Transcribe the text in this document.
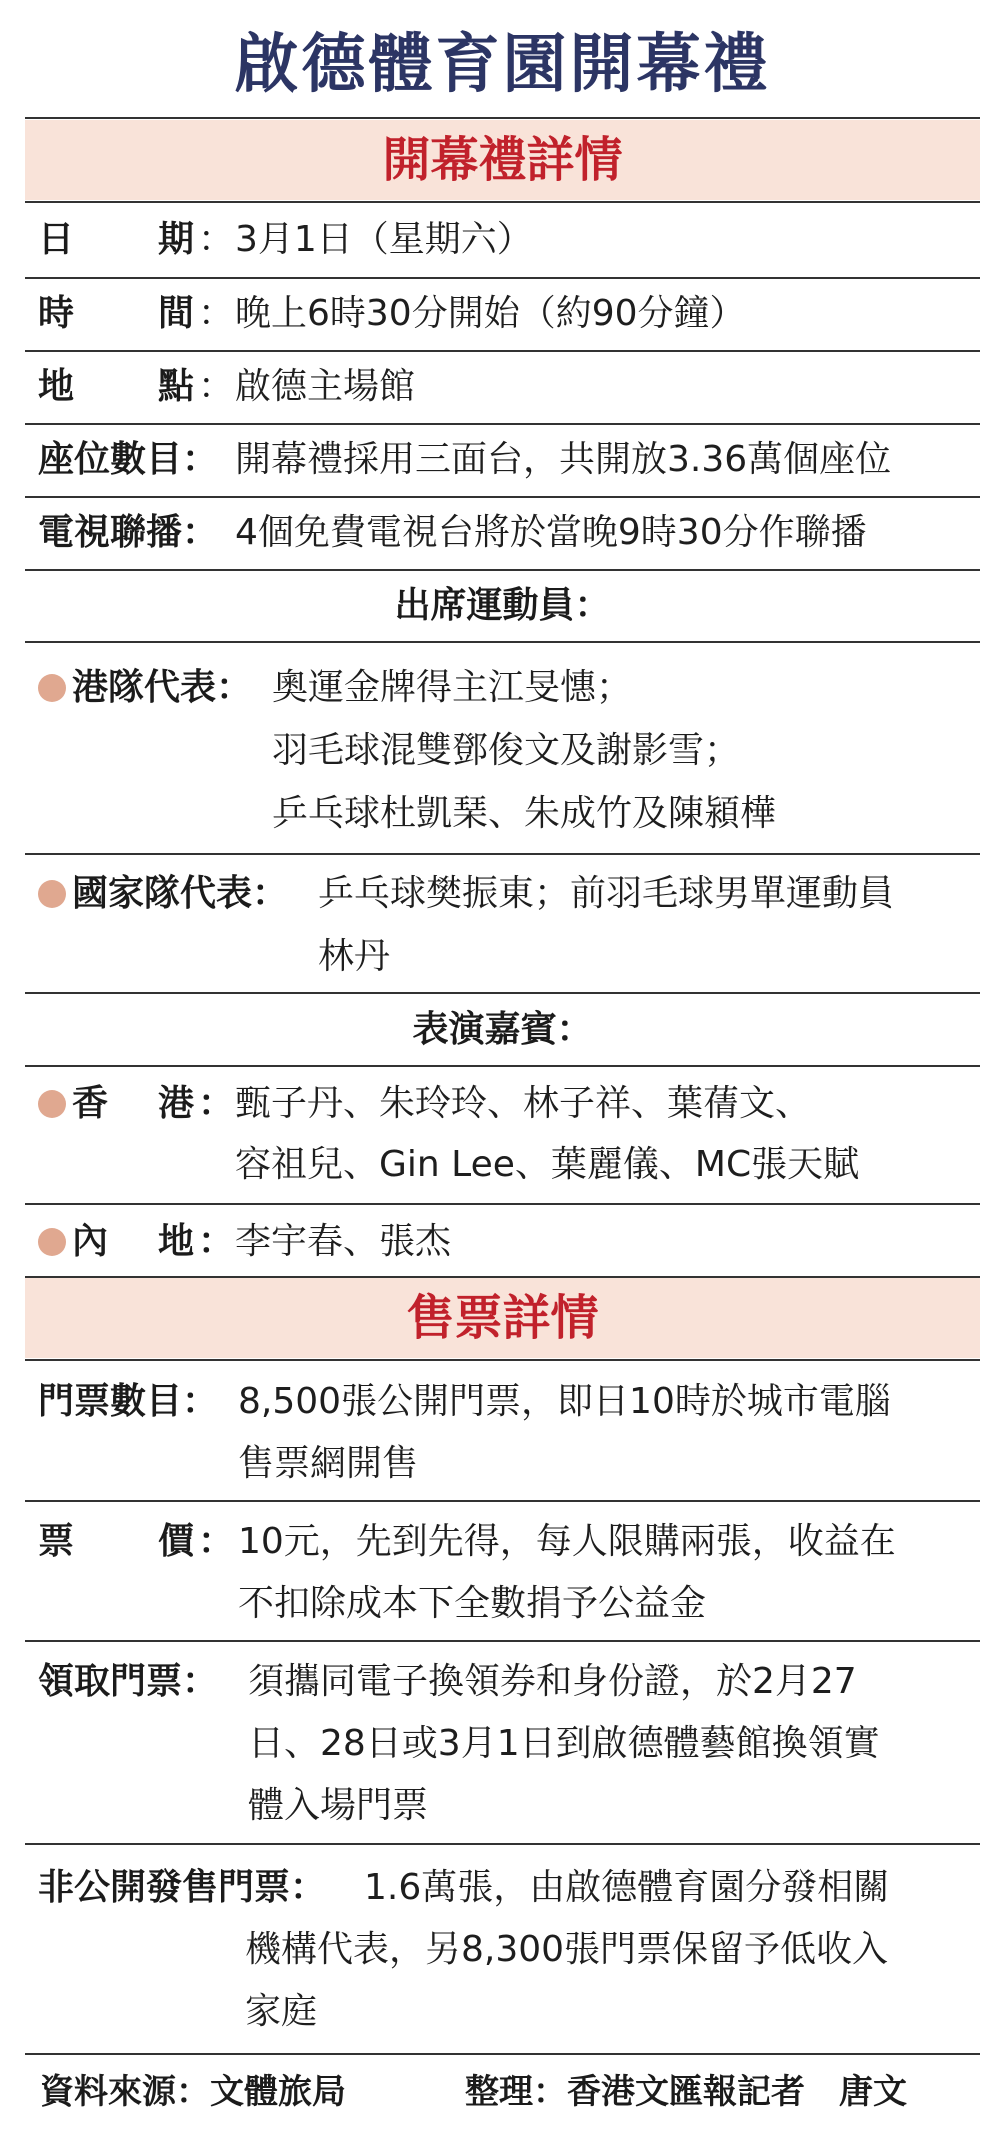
啟德體育園開幕禮
開幕禮詳情
日 期 ： 3月1日（星期六）
時 間 ： 晚上6時30分開始（約90分鐘）
地 點 ： 啟德主場館
座位數目： 開幕禮採用三面台，共開放3.36萬個座位
電視聯播： 4個免費電視台將於當晚9時30分作聯播
出席運動員：
港隊代表： 奧運金牌得主江旻憓；
羽毛球混雙鄧俊文及謝影雪；
乒乓球杜凱琹、朱成竹及陳潁樺
國家隊代表： 乒乓球樊振東；前羽毛球男單運動員
林丹
表演嘉賓：
香 港 ： 甄子丹、朱玲玲、林子祥、葉蒨文、
容祖兒、Gin Lee、葉麗儀、MC張天賦
內 地 ： 李宇春、張杰
售票詳情
門票數目： 8,500張公開門票，即日10時於城市電腦
售票網開售
票 價 ： 10元，先到先得，每人限購兩張，收益在
不扣除成本下全數捐予公益金
領取門票： 須攜同電子換領券和身份證，於2月27
日、28日或3月1日到啟德體藝館換領實
體入場門票
非公開發售門票： 1.6萬張，由啟德體育園分發相關
機構代表，另8,300張門票保留予低收入
家庭
資料來源：文體旅局	整理：香港文匯報記者　唐文
